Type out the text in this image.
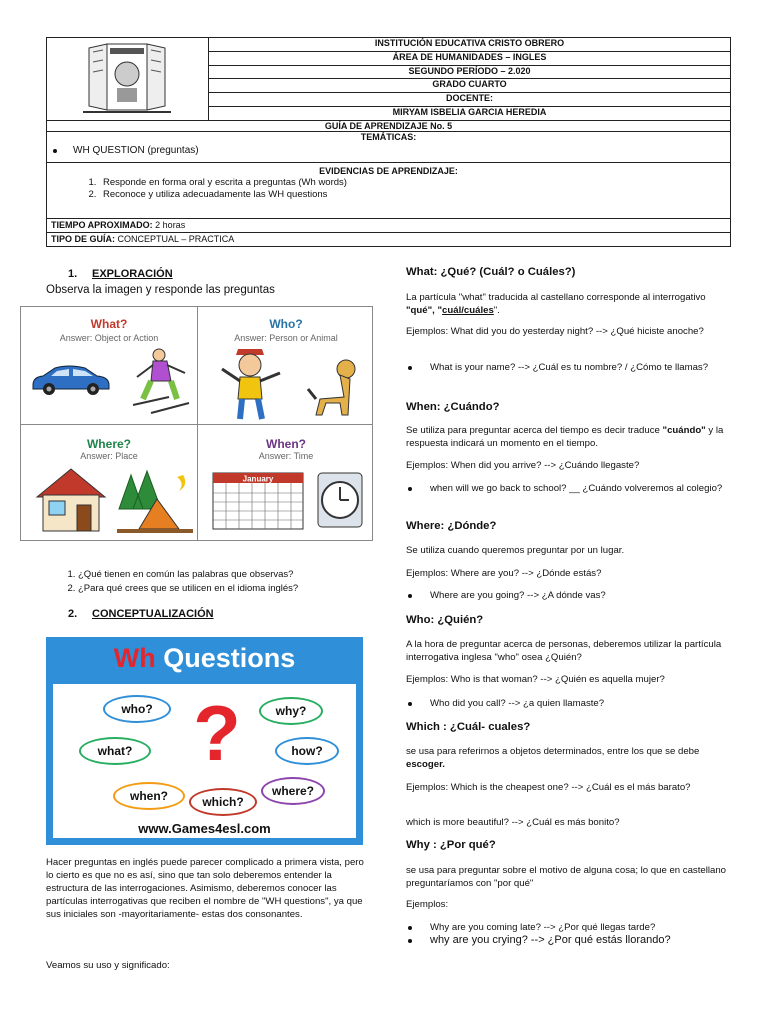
	INSTITUCIÓN EDUCATIVA CRISTO OBRERO
ÁREA DE HUMANIDADES – INGLES
SEGUNDO PERÍODO – 2.020
GRADO CUARTO
DOCENTE:
MIRYAM ISBELIA GARCIA HEREDIA
GUÍA DE APRENDIZAJE No. 5

TEMÁTICAS:
WH QUESTION (preguntas)

EVIDENCIAS DE APRENDIZAJE:
1. Responde en forma oral y escrita a preguntas (Wh words)
2. Reconoce y utiliza adecuadamente las WH questions

TIEMPO APROXIMADO: 2 horas
TIPO DE GUÍA: CONCEPTUAL – PRACTICA
1. EXPLORACIÓN
Observa la imagen y responde las preguntas
What?
Answer: Object or Action
Who?
Answer: Person or Animal
Where?
Answer: Place
When?
Answer: Time
January
1. ¿Qué tienen en común las palabras que observas?
2. ¿Para qué crees que se utilicen en el idioma inglés?
2. CONCEPTUALIZACIÓN
Wh Questions
who?	why?
what?	how?
when?	which?
where?
?
www.Games4esl.com
Hacer preguntas en inglés puede parecer complicado a primera vista, pero lo cierto es que no es así, sino que tan solo deberemos entender la estructura de las interrogaciones. Asimismo, deberemos conocer las partículas interrogativas que reciben el nombre de "WH questions", ya que sus iniciales son -mayoritariamente- estas dos consonantes.
Veamos su uso y significado:
What: ¿Qué? (Cuál? o Cuáles?)
La partícula "what" traducida al castellano corresponde al interrogativo "qué", "cuál/cuáles".
Ejemplos: What did you do yesterday night? --> ¿Qué hiciste anoche?
What is your name? --> ¿Cuál es tu nombre? / ¿Cómo te llamas?
When: ¿Cuándo?
Se utiliza para preguntar acerca del tiempo es decir traduce "cuándo" y la respuesta indicará un momento en el tiempo.
Ejemplos: When did you arrive? --> ¿Cuándo llegaste?
when will we go back to school? __ ¿Cuándo volveremos al colegio?
Where: ¿Dónde?
Se utiliza cuando queremos preguntar por un lugar.
Ejemplos: Where are you? --> ¿Dónde estás?
Where are you going? --> ¿A dónde vas?
Who: ¿Quién?
A la hora de preguntar acerca de personas, deberemos utilizar la partícula interrogativa inglesa "who" osea ¿Quién?
Ejemplos: Who is that woman? --> ¿Quién es aquella mujer?
Who did you call? --> ¿a quien llamaste?
Which : ¿Cuál- cuales?
se usa para referirnos a objetos determinados, entre los que se debe escoger.
Ejemplos: Which is the cheapest one? --> ¿Cuál es el más barato?
which is more beautiful? --> ¿Cuál es más bonito?
Why : ¿Por qué?
se usa para preguntar sobre el motivo de alguna cosa; lo que en castellano preguntaríamos con "por qué"
Ejemplos:
Why are you coming late? --> ¿Por qué llegas tarde?
why are you crying? --> ¿Por qué estás llorando?
